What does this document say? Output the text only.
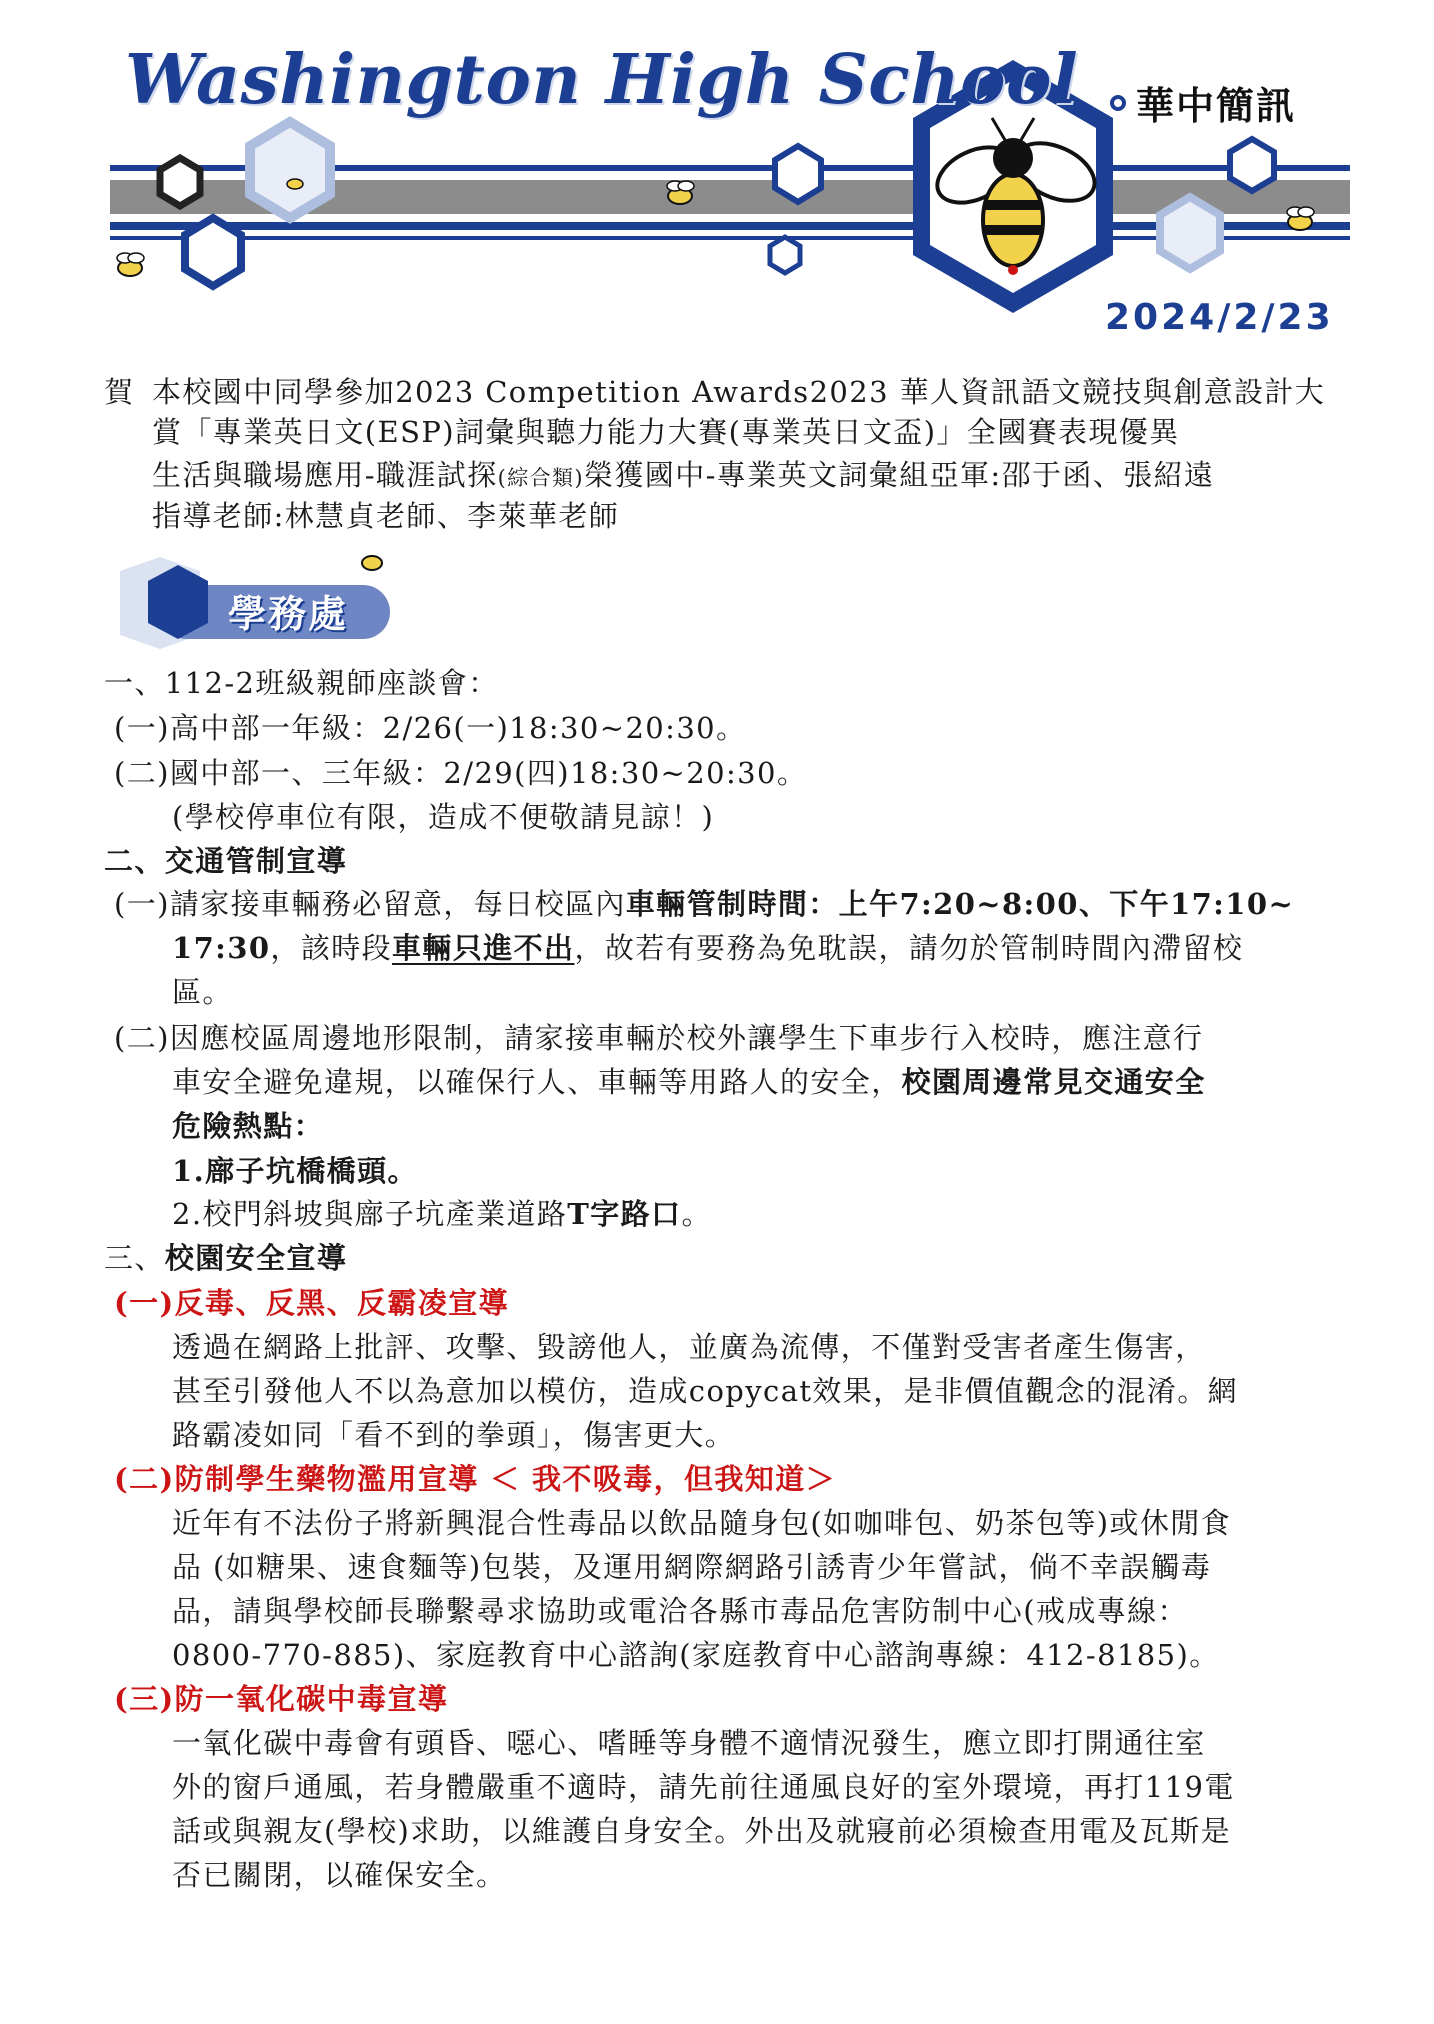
Washington High School 華中簡訊
2024/2/23
賀 本校國中同學參加2023 Competition Awards2023 華人資訊語文競技與創意設計大
賞「專業英日文(ESP)詞彙與聽力能力大賽(專業英日文盃)」全國賽表現優異
生活與職場應用-職涯試探(綜合類)榮獲國中-專業英文詞彙組亞軍:邵于函、張紹遠
指導老師:林慧貞老師、李萊華老師
學務處
一、112-2班級親師座談會：
(一)高中部一年級：2/26(一)18:30~20:30。
(二)國中部一、三年級：2/29(四)18:30~20:30。
(學校停車位有限，造成不便敬請見諒！)
二、交通管制宣導
(一)請家接車輛務必留意，每日校區內車輛管制時間：上午7:20~8:00、下午17:10~
17:30，該時段車輛只進不出，故若有要務為免耽誤，請勿於管制時間內滯留校
區。
(二)因應校區周邊地形限制，請家接車輛於校外讓學生下車步行入校時，應注意行
車安全避免違規，以確保行人、車輛等用路人的安全，校園周邊常見交通安全
危險熱點：
1.廍子坑橋橋頭。
2.校門斜坡與廍子坑產業道路T字路口。
三、校園安全宣導
(一)反毒、反黑、反霸凌宣導
透過在網路上批評、攻擊、毀謗他人，並廣為流傳，不僅對受害者產生傷害，
甚至引發他人不以為意加以模仿，造成copycat效果，是非價值觀念的混淆。網
路霸凌如同「看不到的拳頭」，傷害更大。
(二)防制學生藥物濫用宣導 ＜ 我不吸毒，但我知道＞
近年有不法份子將新興混合性毒品以飲品隨身包(如咖啡包、奶茶包等)或休閒食
品 (如糖果、速食麵等)包裝，及運用網際網路引誘青少年嘗試，倘不幸誤觸毒
品，請與學校師長聯繫尋求協助或電洽各縣市毒品危害防制中心(戒成專線：
0800-770-885)、家庭教育中心諮詢(家庭教育中心諮詢專線：412-8185)。
(三)防一氧化碳中毒宣導
一氧化碳中毒會有頭昏、噁心、嗜睡等身體不適情況發生，應立即打開通往室
外的窗戶通風，若身體嚴重不適時，請先前往通風良好的室外環境，再打119電
話或與親友(學校)求助，以維護自身安全。外出及就寢前必須檢查用電及瓦斯是
否已關閉，以確保安全。
